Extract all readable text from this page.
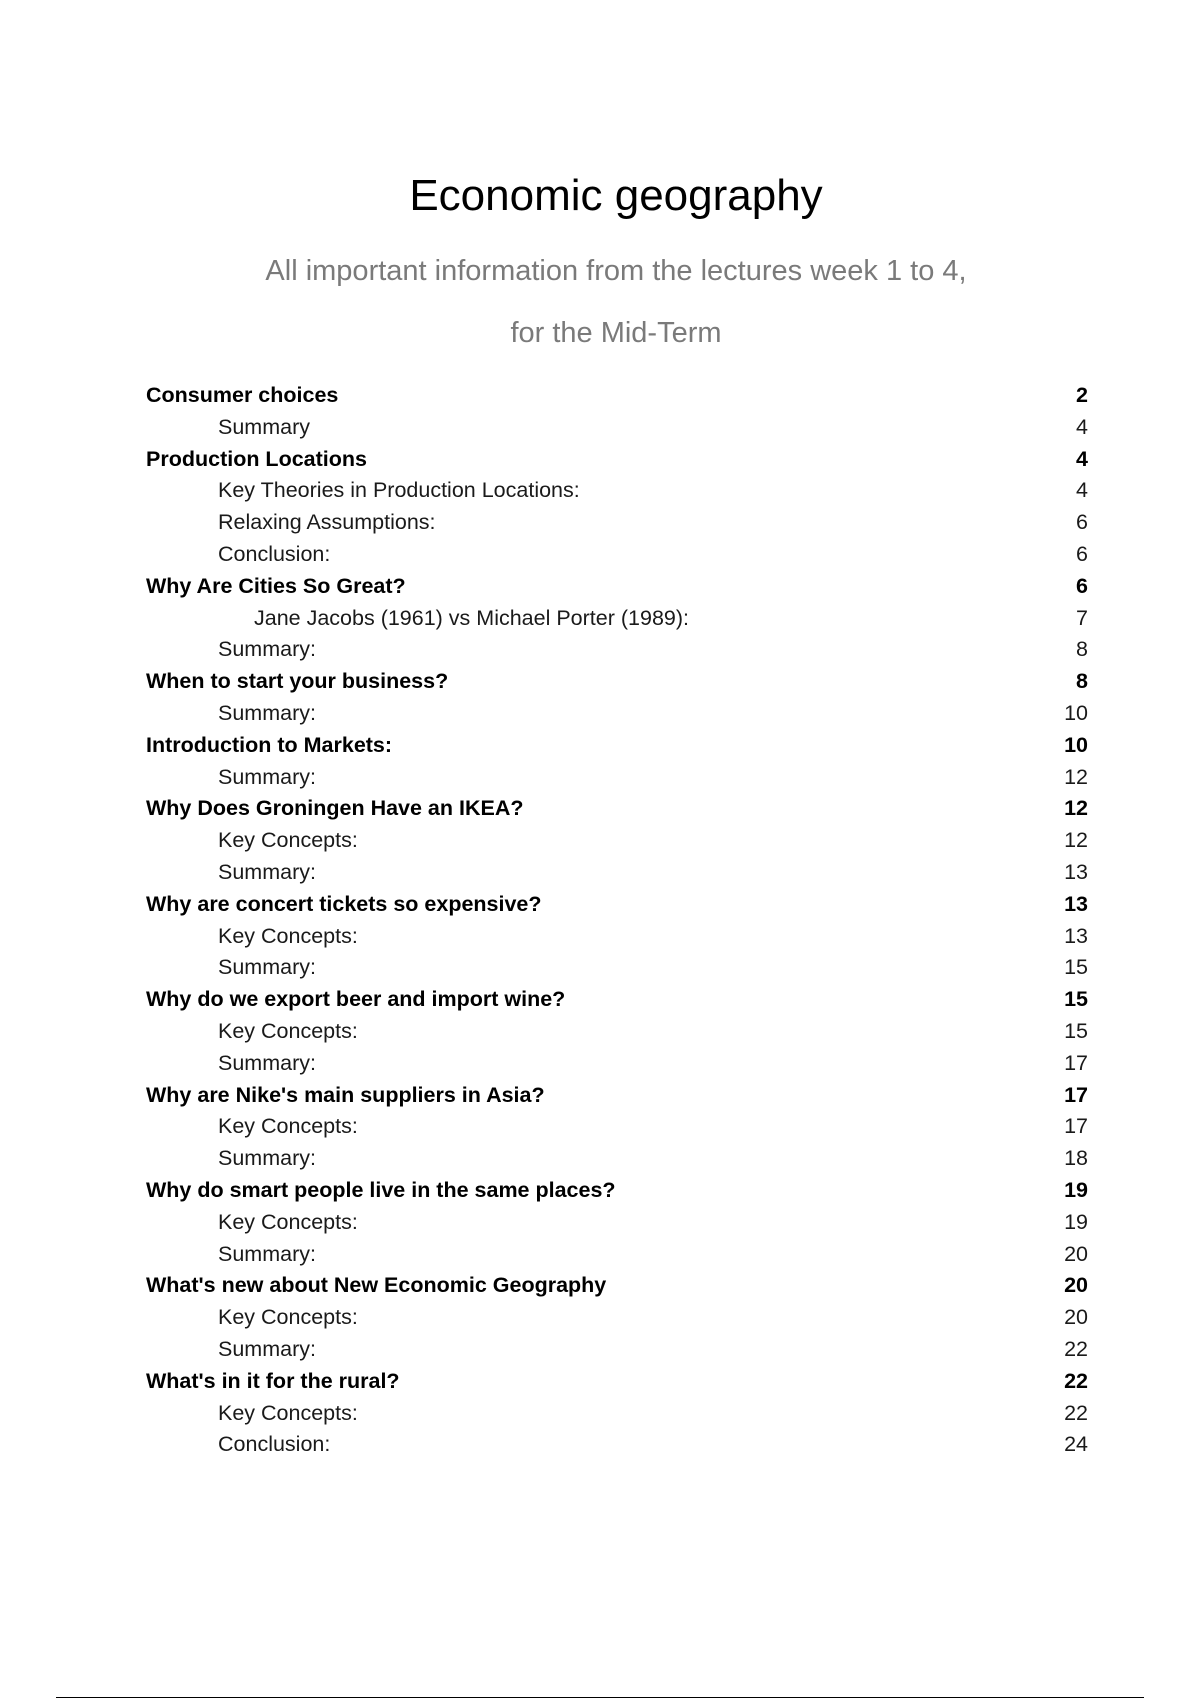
Economic geography

All important information from the lectures week 1 to 4,

for the Mid-Term

Consumer choices	2
Summary	4
Production Locations	4
Key Theories in Production Locations:	4
Relaxing Assumptions:	6
Conclusion:	6
Why Are Cities So Great?	6
Jane Jacobs (1961) vs Michael Porter (1989):	7
Summary:	8
When to start your business?	8
Summary:	10
Introduction to Markets:	10
Summary:	12
Why Does Groningen Have an IKEA?	12
Key Concepts:	12
Summary:	13
Why are concert tickets so expensive?	13
Key Concepts:	13
Summary:	15
Why do we export beer and import wine?	15
Key Concepts:	15
Summary:	17
Why are Nike's main suppliers in Asia?	17
Key Concepts:	17
Summary:	18
Why do smart people live in the same places?	19
Key Concepts:	19
Summary:	20
What's new about New Economic Geography	20
Key Concepts:	20
Summary:	22
What's in it for the rural?	22
Key Concepts:	22
Conclusion:	24
